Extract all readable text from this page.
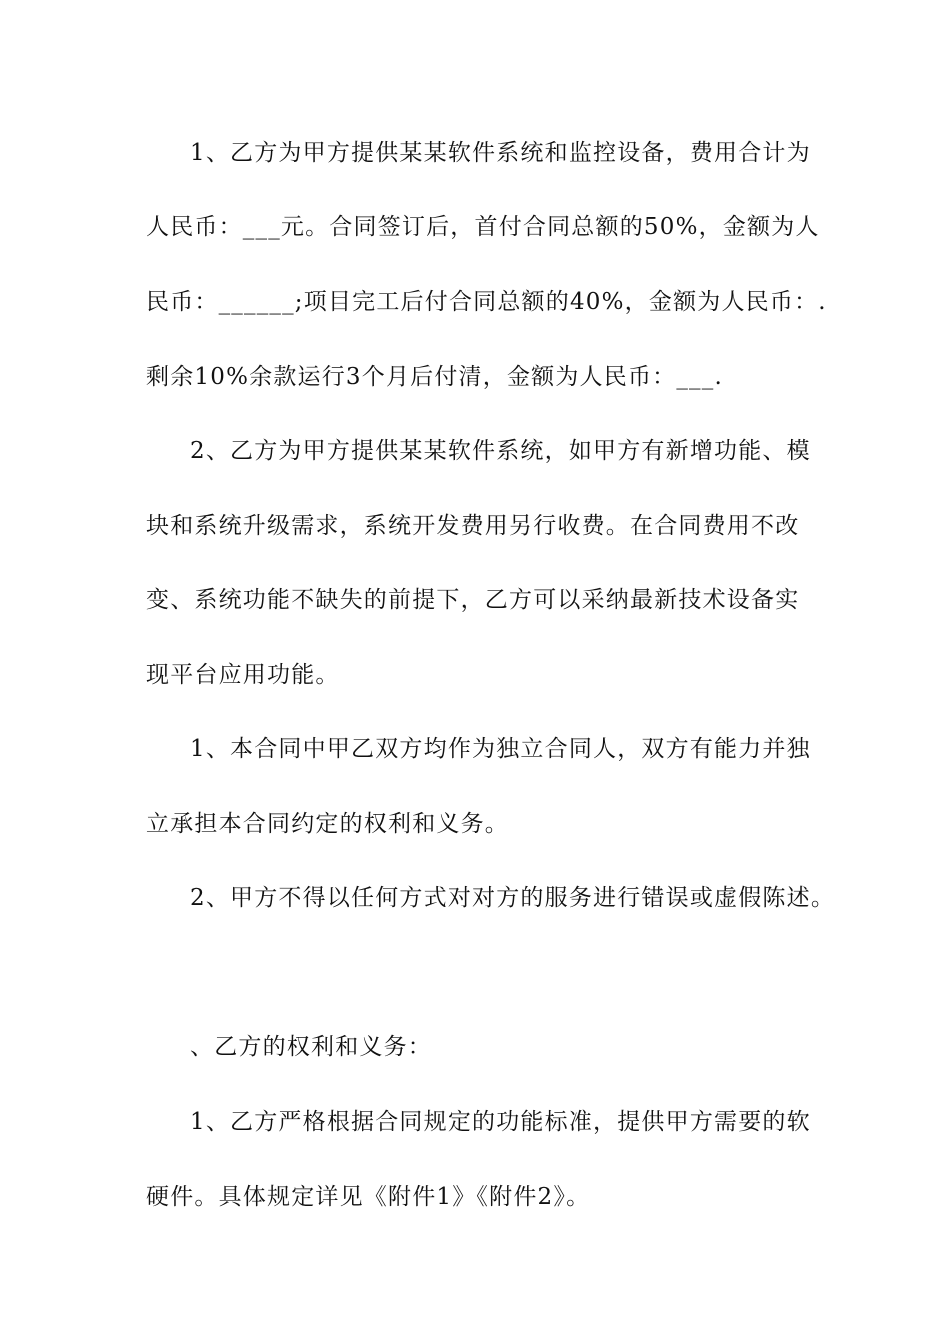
1、乙方为甲方提供某某软件系统和监控设备，费用合计为
人民币：___元。合同签订后，首付合同总额的50%，金额为人
民币：______;项目完工后付合同总额的40%，金额为人民币：.
剩余10%余款运行3个月后付清，金额为人民币：___.
2、乙方为甲方提供某某软件系统，如甲方有新增功能、模
块和系统升级需求，系统开发费用另行收费。在合同费用不改
变、系统功能不缺失的前提下，乙方可以采纳最新技术设备实
现平台应用功能。
1、本合同中甲乙双方均作为独立合同人，双方有能力并独
立承担本合同约定的权利和义务。
2、甲方不得以任何方式对对方的服务进行错误或虚假陈述。
、乙方的权利和义务：
1、乙方严格根据合同规定的功能标准，提供甲方需要的软
硬件。具体规定详见《附件1》《附件2》。
